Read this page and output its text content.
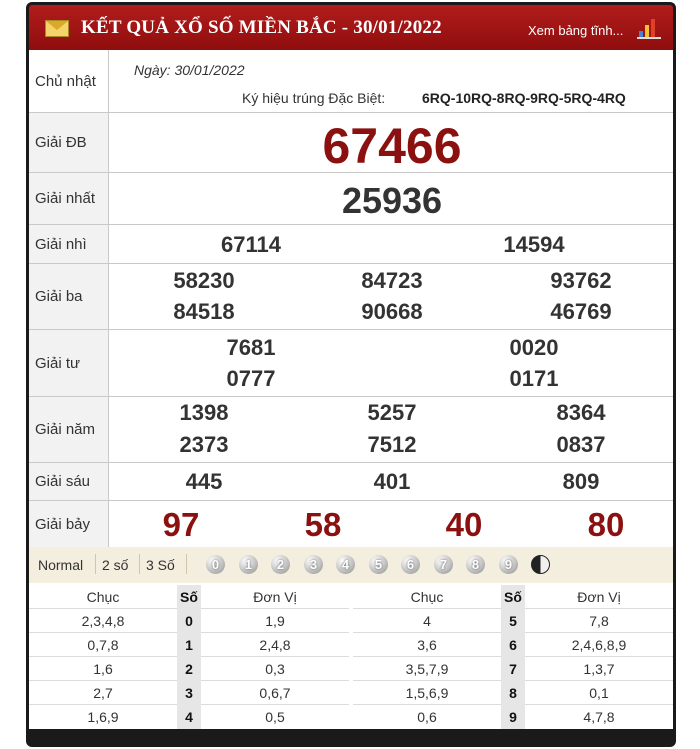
KẾT QUẢ XỔ SỐ MIỀN BẮC - 30/01/2022	Xem bảng tĩnh...
Chủ nhật
Ngày: 30/01/2022
Ký hiệu trúng Đặc Biệt:	6RQ-10RQ-8RQ-9RQ-5RQ-4RQ
Giải ĐB	67466
Giải nhất	25936
Giải nhì	67114	14594
Giải ba
58230	84723	93762
84518	90668	46769
Giải tư
7681	0020
0777	0171
Giải năm
1398	5257	8364
2373	7512	0837
Giải sáu	445	401	809
Giải bảy	97	58	40	80
Normal 2 số 3 Số	0	1	2	3	4	5	6	7	8	9
Chục	Số	Đơn Vị	Chục	Số	Đơn Vị
2,3,4,8	0	1,9	4	5	7,8
0,7,8	1	2,4,8	3,6	6	2,4,6,8,9
1,6	2	0,3	3,5,7,9	7	1,3,7
2,7	3	0,6,7	1,5,6,9	8	0,1
1,6,9	4	0,5	0,6	9	4,7,8
